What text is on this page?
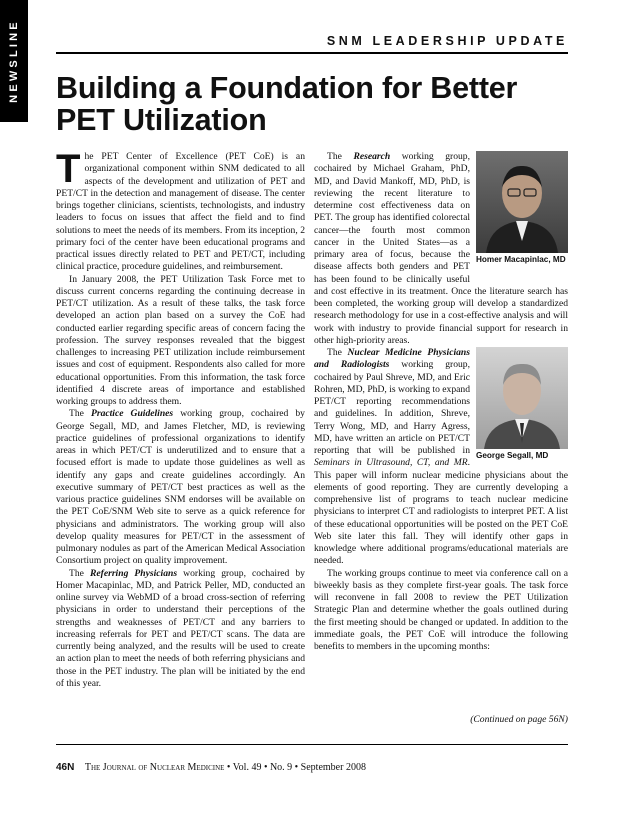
NEWSLINE	SNM LEADERSHIP UPDATE
Building a Foundation for Better PET Utilization

The PET Center of Excellence (PET CoE) is an organizational component within SNM dedicated to all aspects of the development and utilization of PET and PET/CT in the detection and management of disease. The center brings together clinicians, scientists, technologists, and industry leaders to focus on issues that affect the field and to find solutions to meet the needs of its members. From its inception, 2 primary foci of the center have been educational programs and practical issues directly related to PET and PET/CT, including clinical practice, procedure guidelines, and reimbursement.

In January 2008, the PET Utilization Task Force met to discuss current concerns regarding the continuing decrease in PET/CT utilization. As a result of these talks, the task force developed an action plan based on a survey the CoE had conducted earlier regarding specific areas of concern facing the profession. The survey responses revealed that the biggest challenges to increasing PET utilization include reimbursement issues and cost of equipment. Respondents also called for more educational opportunities. From this information, the task force identified 4 discrete areas of importance and established working groups to address them.

The Practice Guidelines working group, cochaired by George Segall, MD, and James Fletcher, MD, is reviewing practice guidelines of professional organizations to identify areas in which PET/CT is underutilized and to ensure that a focused effort is made to update those guidelines as well as identify any gaps and create guidelines accordingly. An executive summary of PET/CT best practices as well as the various practice guidelines SNM endorses will be available on the PET CoE/SNM Web site to serve as a quick reference for physicians and administrators. The working group will also develop quality measures for PET/CT in the assessment of pulmonary nodules as part of the American Medical Association Consortium project on quality improvement.

The Referring Physicians working group, cochaired by Homer Macapinlac, MD, and Patrick Peller, MD, conducted an online survey via WebMD of a broad cross-section of referring physicians in order to understand their perceptions of the strengths and weaknesses of PET/CT and any barriers to increasing referrals for PET and PET/CT scans. The data are currently being analyzed, and the results will be used to create an action plan to meet the needs of both referring physicians and those in the PET industry. The plan will be initiated by the end of this year.

Homer Macapinlac, MD

The Research working group, cochaired by Michael Graham, PhD, MD, and David Mankoff, MD, PhD, is reviewing the recent literature to determine cost effectiveness data on PET. The group has identified colorectal cancer—the fourth most common cancer in the United States—as a primary area of focus, because the disease affects both genders and PET has been found to be clinically useful and cost effective in its treatment. Once the literature search has been completed, the working group will develop a standardized research methodology for use in a cost-effective analysis and will work with industry to provide financial support for research in other high-priority areas.

George Segall, MD

The Nuclear Medicine Physicians and Radiologists working group, cochaired by Paul Shreve, MD, and Eric Rohren, MD, PhD, is working to expand PET/CT reporting recommendations and guidelines. In addition, Shreve, Terry Wong, MD, and Harry Agress, MD, have written an article on PET/CT reporting that will be published in Seminars in Ultrasound, CT, and MR. This paper will inform nuclear medicine physicians about the elements of good reporting. They are currently developing a comprehensive list of programs to teach nuclear medicine physicians to interpret CT and radiologists to interpret PET. A list of these educational opportunities will be posted on the PET CoE Web site later this fall. They will identify other gaps in knowledge where additional programs/educational materials are needed.

The working groups continue to meet via conference call on a biweekly basis as they complete first-year goals. The task force will reconvene in fall 2008 to review the PET Utilization Strategic Plan and determine whether the goals outlined during the first meeting should be changed or updated. In addition to the immediate goals, the PET CoE will introduce the following benefits to members in the upcoming months:

(Continued on page 56N)
46N The Journal of Nuclear Medicine • Vol. 49 • No. 9 • September 2008
